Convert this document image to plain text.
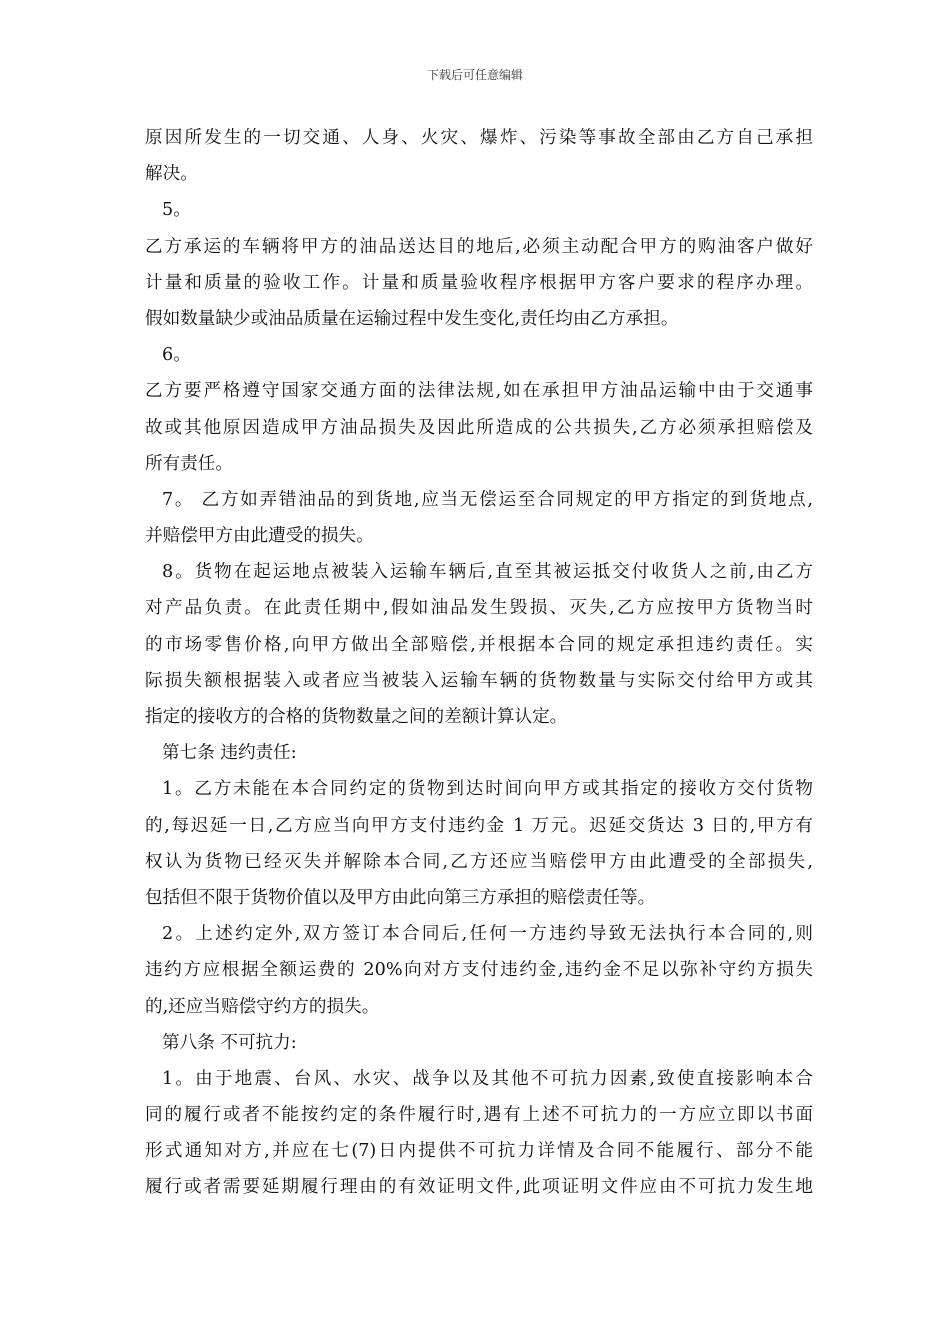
下载后可任意编辑
原因所发生的一切交通、人身、火灾、爆炸、污染等事故全部由乙方自己承担
解决。
5。
乙方承运的车辆将甲方的油品送达目的地后,必须主动配合甲方的购油客户做好
计量和质量的验收工作。计量和质量验收程序根据甲方客户要求的程序办理。
假如数量缺少或油品质量在运输过程中发生变化,责任均由乙方承担。
6。
乙方要严格遵守国家交通方面的法律法规,如在承担甲方油品运输中由于交通事
故或其他原因造成甲方油品损失及因此所造成的公共损失,乙方必须承担赔偿及
所有责任。
7。 乙方如弄错油品的到货地,应当无偿运至合同规定的甲方指定的到货地点,
并赔偿甲方由此遭受的损失。
8。货物在起运地点被装入运输车辆后,直至其被运抵交付收货人之前,由乙方
对产品负责。在此责任期中,假如油品发生毁损、灭失,乙方应按甲方货物当时
的市场零售价格,向甲方做出全部赔偿,并根据本合同的规定承担违约责任。实
际损失额根据装入或者应当被装入运输车辆的货物数量与实际交付给甲方或其
指定的接收方的合格的货物数量之间的差额计算认定。
第七条 违约责任:
1。乙方未能在本合同约定的货物到达时间向甲方或其指定的接收方交付货物
的,每迟延一日,乙方应当向甲方支付违约金 1 万元。迟延交货达 3 日的,甲方有
权认为货物已经灭失并解除本合同,乙方还应当赔偿甲方由此遭受的全部损失,
包括但不限于货物价值以及甲方由此向第三方承担的赔偿责任等。
2。上述约定外,双方签订本合同后,任何一方违约导致无法执行本合同的,则
违约方应根据全额运费的 20%向对方支付违约金,违约金不足以弥补守约方损失
的,还应当赔偿守约方的损失。
第八条 不可抗力:
1。由于地震、台风、水灾、战争以及其他不可抗力因素,致使直接影响本合
同的履行或者不能按约定的条件履行时,遇有上述不可抗力的一方应立即以书面
形式通知对方,并应在七(7)日内提供不可抗力详情及合同不能履行、部分不能
履行或者需要延期履行理由的有效证明文件,此项证明文件应由不可抗力发生地
